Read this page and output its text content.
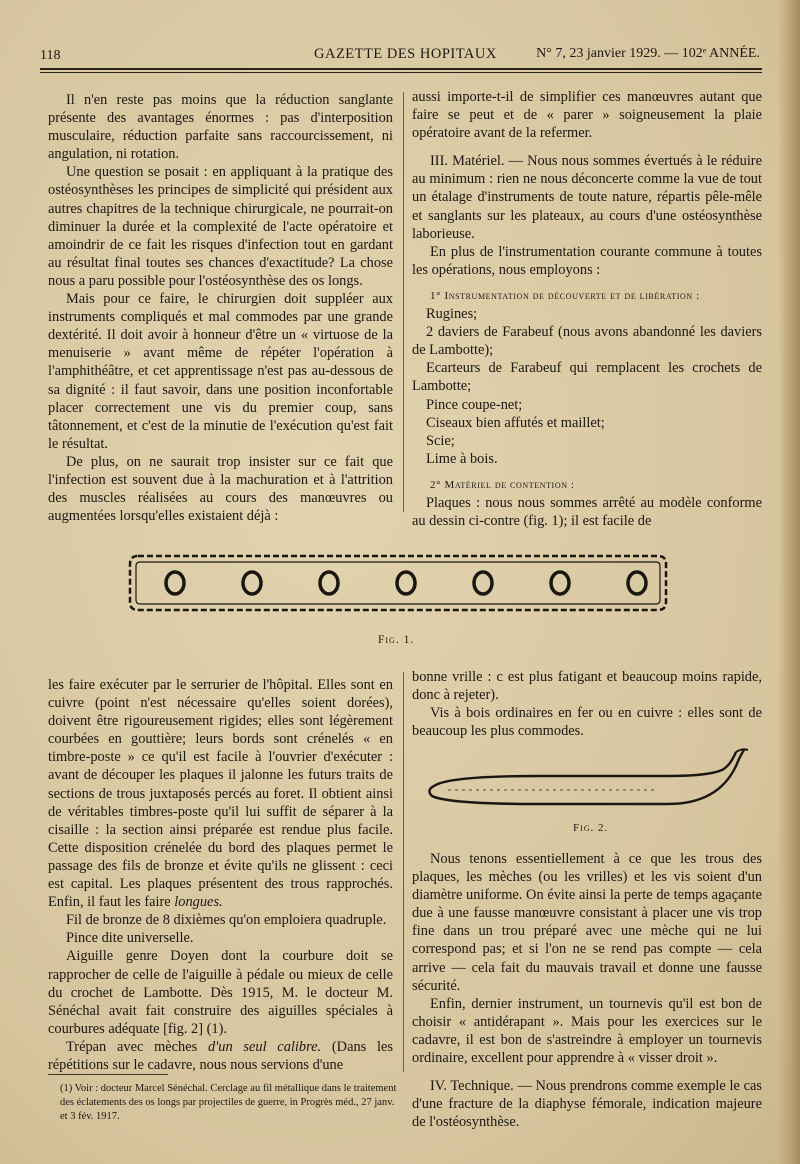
118	GAZETTE DES HOPITAUX	N° 7, 23 janvier 1929. — 102ᵉ ANNÉE.

Il n'en reste pas moins que la réduction sanglante présente des avantages énormes : pas d'interposition musculaire, réduction parfaite sans raccourcissement, ni angulation, ni rotation.

Une question se posait : en appliquant à la pratique des ostéosynthèses les principes de simplicité qui président aux autres chapitres de la technique chirurgicale, ne pourrait-on diminuer la durée et la complexité de l'acte opératoire et amoindrir de ce fait les risques d'infection tout en gardant au résultat final toutes ses chances d'exactitude? La chose nous a paru possible pour l'ostéosynthèse des os longs.

Mais pour ce faire, le chirurgien doit suppléer aux instruments compliqués et mal commodes par une grande dextérité. Il doit avoir à honneur d'être un « virtuose de la menuiserie » avant même de répéter l'opération à l'amphithéâtre, et cet apprentissage n'est pas au-dessous de sa dignité : il faut savoir, dans une position inconfortable placer correctement une vis du premier coup, sans tâtonnement, et c'est de la minutie de l'exécution qu'est fait le résultat.

De plus, on ne saurait trop insister sur ce fait que l'infection est souvent due à la machuration et à l'attrition des muscles réalisées au cours des manœuvres ou augmentées lorsqu'elles existaient déjà :

aussi importe-t-il de simplifier ces manœuvres autant que faire se peut et de « parer » soigneusement la plaie opératoire avant de la refermer.

III. Matériel. — Nous nous sommes évertués à le réduire au minimum : rien ne nous déconcerte comme la vue de tout un étalage d'instruments de toute nature, répartis pêle-mêle et sanglants sur les plateaux, au cours d'une ostéosynthèse laborieuse.

En plus de l'instrumentation courante commune à toutes les opérations, nous employons :

1° Instrumentation de découverte et de libération :

Rugines;

2 daviers de Farabeuf (nous avons abandonné les daviers de Lambotte);

Ecarteurs de Farabeuf qui remplacent les crochets de Lambotte;

Pince coupe-net;

Ciseaux bien affutés et maillet;

Scie;

Lime à bois.

2° Matériel de contention :

Plaques : nous nous sommes arrêté au modèle conforme au dessin ci-contre (fig. 1); il est facile de

Fig. 1.

les faire exécuter par le serrurier de l'hôpital. Elles sont en cuivre (point n'est nécessaire qu'elles soient dorées), doivent être rigoureusement rigides; elles sont légèrement courbées en gouttière; leurs bords sont crénelés « en timbre-poste » ce qu'il est facile à l'ouvrier d'exécuter : avant de découper les plaques il jalonne les futurs traits de sections de trous juxtaposés percés au foret. Il obtient ainsi de véritables timbres-poste qu'il lui suffit de séparer à la cisaille : la section ainsi préparée est rendue plus facile. Cette disposition crénelée du bord des plaques permet le passage des fils de bronze et évite qu'ils ne glissent : ceci est capital. Les plaques présentent des trous rapprochés. Enfin, il faut les faire longues.

Fil de bronze de 8 dixièmes qu'on emploiera quadruple.

Pince dite universelle.

Aiguille genre Doyen dont la courbure doit se rapprocher de celle de l'aiguille à pédale ou mieux de celle du crochet de Lambotte. Dès 1915, M. le docteur M. Sénéchal avait fait construire des aiguilles spéciales à courbures adéquate [fig. 2] (1).

Trépan avec mèches d'un seul calibre. (Dans les répétitions sur le cadavre, nous nous servions d'une

bonne vrille : c est plus fatigant et beaucoup moins rapide, donc à rejeter).

Vis à bois ordinaires en fer ou en cuivre : elles sont de beaucoup les plus commodes.

Fig. 2.

Nous tenons essentiellement à ce que les trous des plaques, les mèches (ou les vrilles) et les vis soient d'un diamètre uniforme. On évite ainsi la perte de temps agaçante due à une fausse manœuvre consistant à placer une vis trop fine dans un trou préparé avec une mèche qui ne lui correspond pas; et si l'on ne se rend pas compte — cela arrive — cela fait du mauvais travail et donne une fausse sécurité.

Enfin, dernier instrument, un tournevis qu'il est bon de choisir « antidérapant ». Mais pour les exercices sur le cadavre, il est bon de s'astreindre à employer un tournevis ordinaire, excellent pour apprendre à « visser droit ».

IV. Technique. — Nous prendrons comme exemple le cas d'une fracture de la diaphyse fémorale, indication majeure de l'ostéosynthèse.

(1) Voir : docteur Marcel Sénéchal. Cerclage au fil métallique dans le traitement des éclatements des os longs par projectiles de guerre, in Progrès méd., 27 janv. et 3 fév. 1917.
